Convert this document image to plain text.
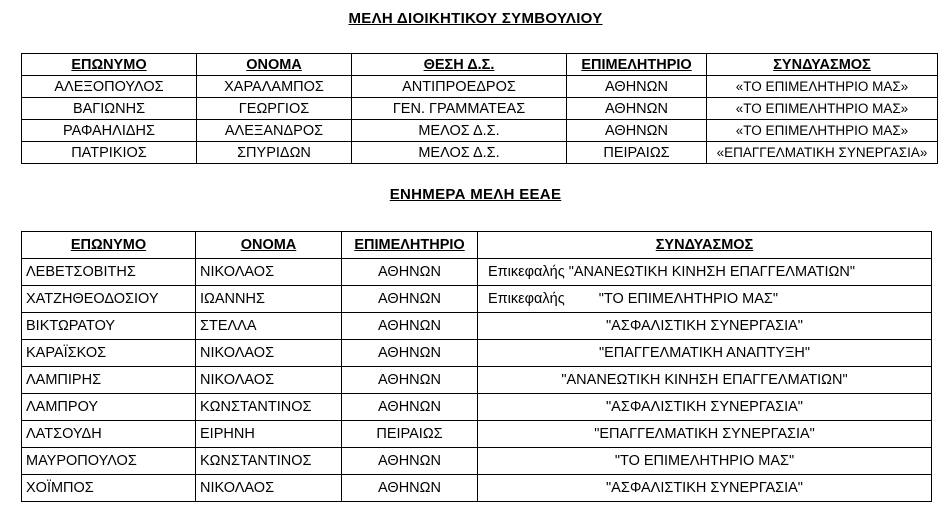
ΜΕΛΗ ΔΙΟΙΚΗΤΙΚΟΥ ΣΥΜΒΟΥΛΙΟΥ
ΕΠΩΝΥΜΟ	ΟΝΟΜΑ	ΘΕΣΗ Δ.Σ.	ΕΠΙΜΕΛΗΤΗΡΙΟ	ΣΥΝΔΥΑΣΜΟΣ
ΑΛΕΞΟΠΟΥΛΟΣ	ΧΑΡΑΛΑΜΠΟΣ	ΑΝΤΙΠΡΟΕΔΡΟΣ	ΑΘΗΝΩΝ	«ΤΟ ΕΠΙΜΕΛΗΤΗΡΙΟ ΜΑΣ»
ΒΑΓΙΩΝΗΣ	ΓΕΩΡΓΙΟΣ	ΓΕΝ. ΓΡΑΜΜΑΤΕΑΣ	ΑΘΗΝΩΝ	«ΤΟ ΕΠΙΜΕΛΗΤΗΡΙΟ ΜΑΣ»
ΡΑΦΑΗΛΙΔΗΣ	ΑΛΕΞΑΝΔΡΟΣ	ΜΕΛΟΣ Δ.Σ.	ΑΘΗΝΩΝ	«ΤΟ ΕΠΙΜΕΛΗΤΗΡΙΟ ΜΑΣ»
ΠΑΤΡΙΚΙΟΣ	ΣΠΥΡΙΔΩΝ	ΜΕΛΟΣ Δ.Σ.	ΠΕΙΡΑΙΩΣ	«ΕΠΑΓΓΕΛΜΑΤΙΚΗ ΣΥΝΕΡΓΑΣΙΑ»
ΕΝΗΜΕΡΑ ΜΕΛΗ ΕΕΑΕ
ΕΠΩΝΥΜΟ	ΟΝΟΜΑ	ΕΠΙΜΕΛΗΤΗΡΙΟ	ΣΥΝΔΥΑΣΜΟΣ
ΛΕΒΕΤΣΟΒΙΤΗΣ	ΝΙΚΟΛΑΟΣ	ΑΘΗΝΩΝ	Επικεφαλής "ΑΝΑΝΕΩΤΙΚΗ ΚΙΝΗΣΗ ΕΠΑΓΓΕΛΜΑΤΙΩΝ"
ΧΑΤΖΗΘΕΟΔΟΣΙΟΥ	ΙΩΑΝΝΗΣ	ΑΘΗΝΩΝ	Επικεφαλής "ΤΟ ΕΠΙΜΕΛΗΤΗΡΙΟ ΜΑΣ"
ΒΙΚΤΩΡΑΤΟΥ	ΣΤΕΛΛΑ	ΑΘΗΝΩΝ	"ΑΣΦΑΛΙΣΤΙΚΗ ΣΥΝΕΡΓΑΣΙΑ"
ΚΑΡΑΪΣΚΟΣ	ΝΙΚΟΛΑΟΣ	ΑΘΗΝΩΝ	"ΕΠΑΓΓΕΛΜΑΤΙΚΗ ΑΝΑΠΤΥΞΗ"
ΛΑΜΠΙΡΗΣ	ΝΙΚΟΛΑΟΣ	ΑΘΗΝΩΝ	"ΑΝΑΝΕΩΤΙΚΗ ΚΙΝΗΣΗ ΕΠΑΓΓΕΛΜΑΤΙΩΝ"
ΛΑΜΠΡΟΥ	ΚΩΝΣΤΑΝΤΙΝΟΣ	ΑΘΗΝΩΝ	"ΑΣΦΑΛΙΣΤΙΚΗ ΣΥΝΕΡΓΑΣΙΑ"
ΛΑΤΣΟΥΔΗ	ΕΙΡΗΝΗ	ΠΕΙΡΑΙΩΣ	"ΕΠΑΓΓΕΛΜΑΤΙΚΗ ΣΥΝΕΡΓΑΣΙΑ"
ΜΑΥΡΟΠΟΥΛΟΣ	ΚΩΝΣΤΑΝΤΙΝΟΣ	ΑΘΗΝΩΝ	"ΤΟ ΕΠΙΜΕΛΗΤΗΡΙΟ ΜΑΣ"
ΧΟΪΜΠΟΣ	ΝΙΚΟΛΑΟΣ	ΑΘΗΝΩΝ	"ΑΣΦΑΛΙΣΤΙΚΗ ΣΥΝΕΡΓΑΣΙΑ"
